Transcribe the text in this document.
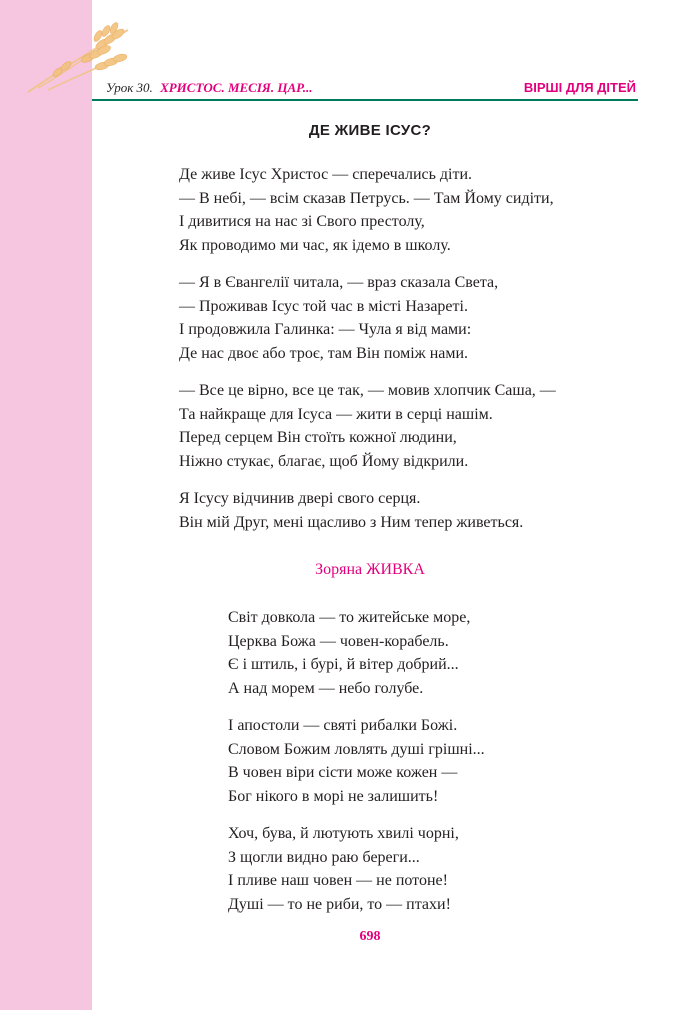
Урок 30. ХРИСТОС. МЕСІЯ. ЦАР...	ВІРШІ ДЛЯ ДІТЕЙ
ДЕ ЖИВЕ ІСУС?
Де живе Ісус Христос — сперечались діти.
— В небі, — всім сказав Петрусь. — Там Йому сидіти,
І дивитися на нас зі Свого престолу,
Як проводимо ми час, як ідемо в школу.
— Я в Євангелії читала, — враз сказала Света,
— Проживав Ісус той час в місті Назареті.
І продовжила Галинка: — Чула я від мами:
Де нас двоє або троє, там Він поміж нами.
— Все це вірно, все це так, — мовив хлопчик Саша, —
Та найкраще для Ісуса — жити в серці нашім.
Перед серцем Він стоїть кожної людини,
Ніжно стукає, благає, щоб Йому відкрили.
Я Ісусу відчинив двері свого серця.
Він мій Друг, мені щасливо з Ним тепер живеться.
Зоряна ЖИВКА
Світ довкола — то житейське море,
Церква Божа — човен-корабель.
Є і штиль, і бурі, й вітер добрий...
А над морем — небо голубе.
І апостоли — святі рибалки Божі.
Словом Божим ловлять душі грішні...
В човен віри сісти може кожен —
Бог нікого в морі не залишить!
Хоч, бува, й лютують хвилі чорні,
З щогли видно раю береги...
І пливе наш човен — не потоне!
Душі — то не риби, то — птахи!
698
